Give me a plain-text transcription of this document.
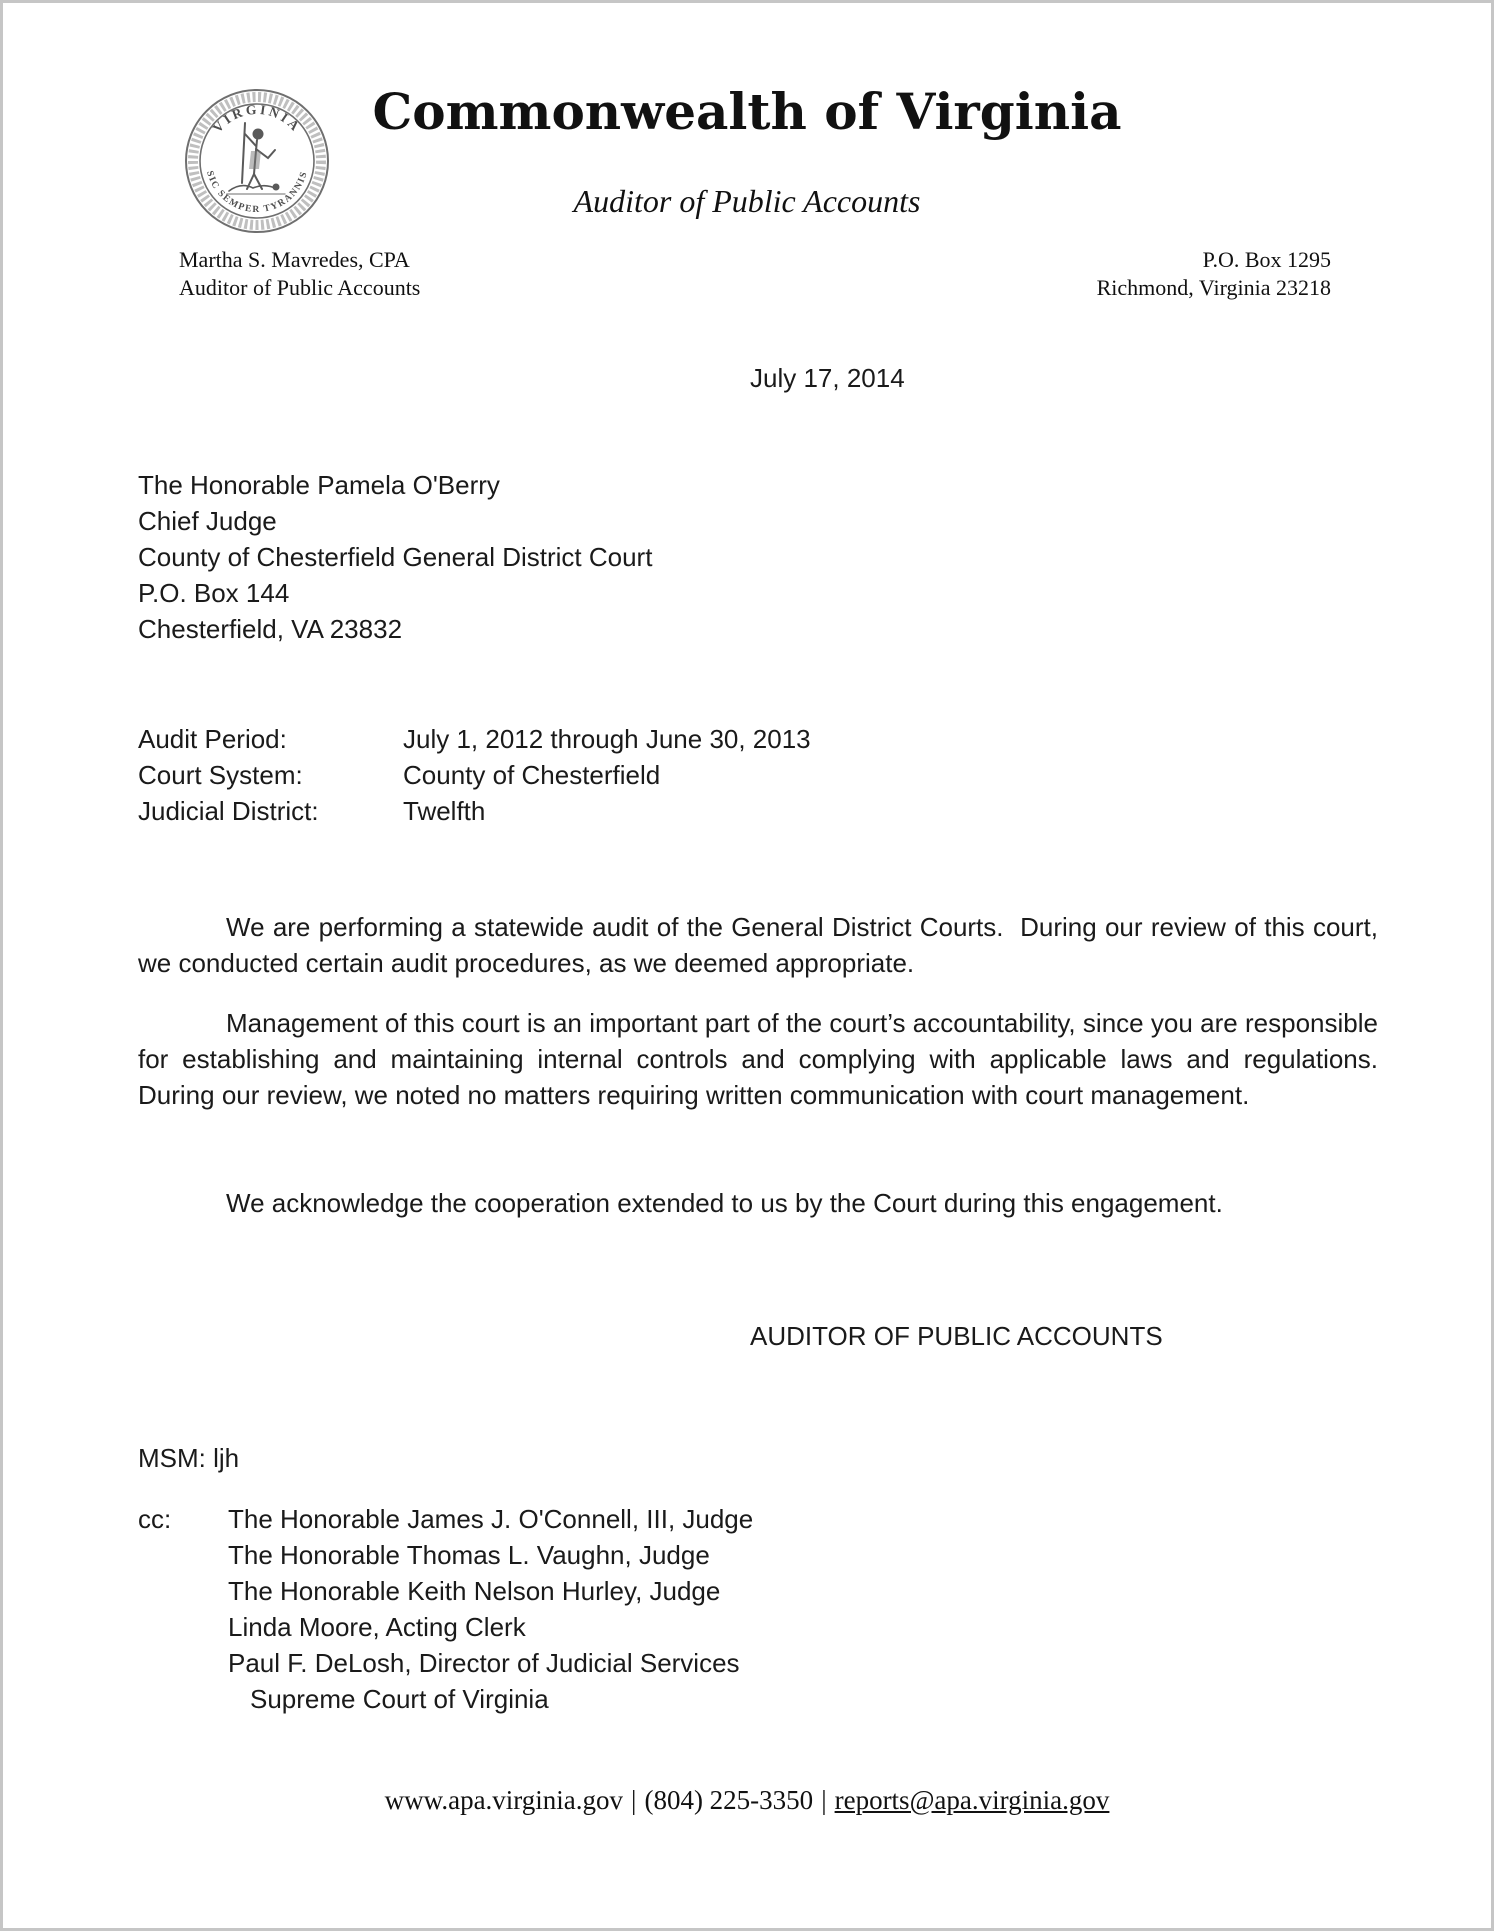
VIRGINIA
SIC SEMPER TYRANNIS
Commonwealth of Virginia
Auditor of Public Accounts
Martha S. Mavredes, CPA
Auditor of Public Accounts
P.O. Box 1295
Richmond, Virginia 23218
July 17, 2014
The Honorable Pamela O'Berry
Chief Judge
County of Chesterfield General District Court
P.O. Box 144
Chesterfield, VA 23832
Audit Period:	July 1, 2012 through June 30, 2013
Court System:	County of Chesterfield
Judicial District:	Twelfth

We are performing a statewide audit of the General District Courts.  During our review of this court, we conducted certain audit procedures, as we deemed appropriate.

Management of this court is an important part of the court’s accountability, since you are responsible for establishing and maintaining internal controls and complying with applicable laws and regulations.  During our review, we noted no matters requiring written communication with court management.

We acknowledge the cooperation extended to us by the Court during this engagement.

AUDITOR OF PUBLIC ACCOUNTS
MSM: ljh
cc:	The Honorable James J. O'Connell, III, Judge
The Honorable Thomas L. Vaughn, Judge
The Honorable Keith Nelson Hurley, Judge
Linda Moore, Acting Clerk
Paul F. DeLosh, Director of Judicial Services
Supreme Court of Virginia
www.apa.virginia.gov | (804) 225-3350 | reports@apa.virginia.gov
